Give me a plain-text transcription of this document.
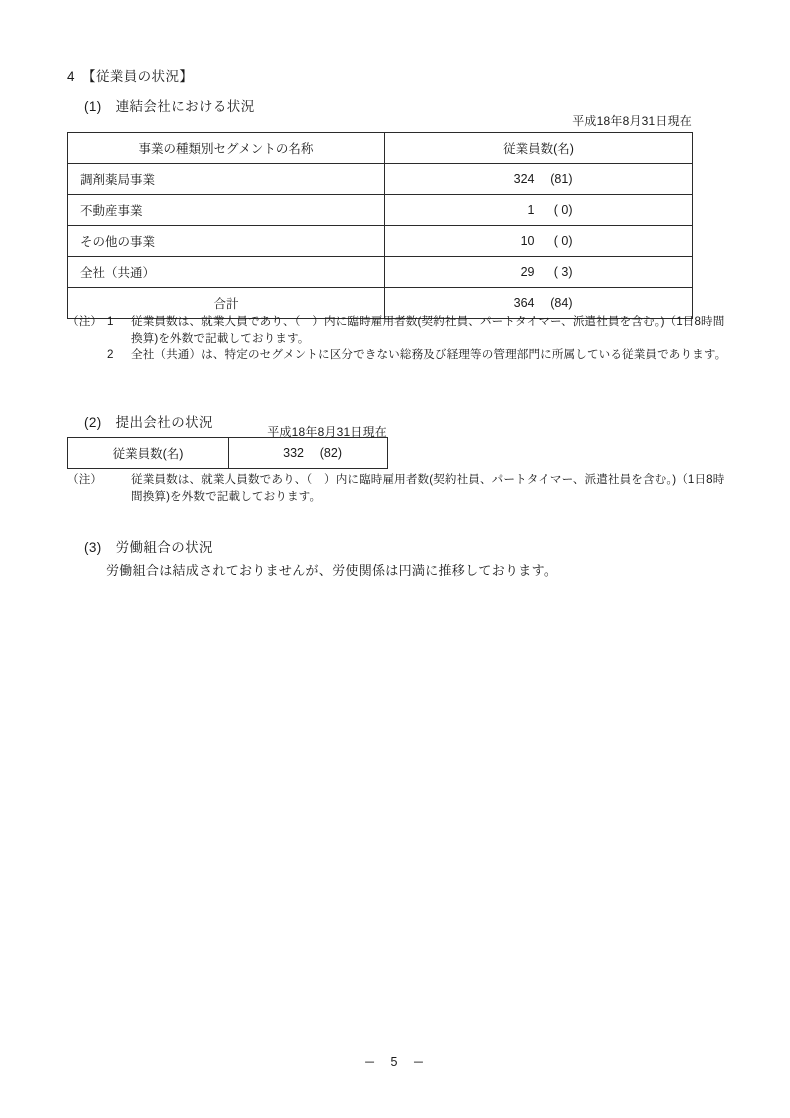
4　【従業員の状況】
(1)　連結会社における状況
平成18年8月31日現在
事業の種類別セグメントの名称	従業員数(名)
調剤薬局事業	324 (81)

不動産事業	1 ( 0)

その他の事業	10 ( 0)

全社（共通）	29 ( 3)

合計	364 (84)
（注） 1	従業員数は、就業人員であり、（　）内に臨時雇用者数(契約社員、パートタイマー、派遣社員を含む。)（1日8時間換算)を外数で記載しております。
2	全社（共通）は、特定のセグメントに区分できない総務及び経理等の管理部門に所属している従業員であります。
(2)　提出会社の状況
平成18年8月31日現在
従業員数(名)	332 (82)
（注）	従業員数は、就業人員数であり、（　）内に臨時雇用者数(契約社員、パートタイマー、派遣社員を含む。)（1日8時間換算)を外数で記載しております。
(3)　労働組合の状況
労働組合は結成されておりませんが、労使関係は円満に推移しております。
─　5　─
